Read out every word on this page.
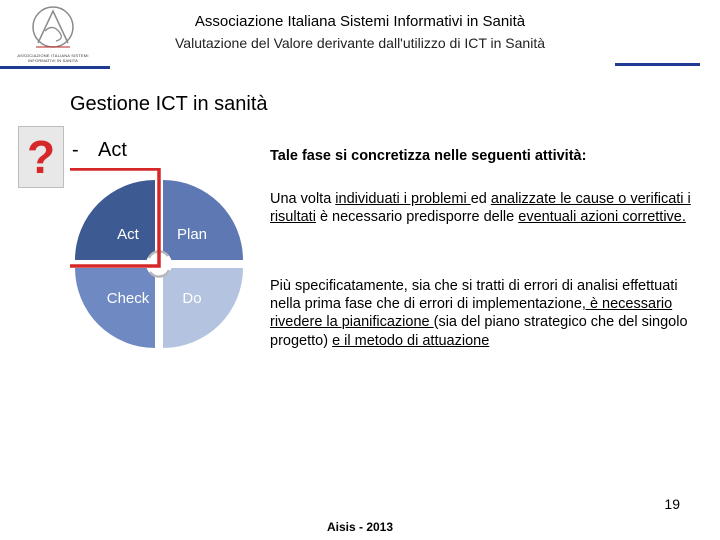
ASSOCIAZIONE ITALIANA SISTEMI INFORMATIVI IN SANITA
Associazione Italiana Sistemi Informativi in Sanità
Valutazione del Valore derivante dall'utilizzo di ICT in Sanità
Gestione ICT in sanità
? - Act
Act	Plan
Check Do
Tale fase si concretizza nelle seguenti attività:
Una volta individuati i problemi ed analizzate le cause o verificati i risultati è necessario predisporre delle eventuali azioni correttive.
Più specificatamente, sia che si tratti di errori di analisi effettuati nella prima fase che di errori di implementazione, è necessario rivedere la pianificazione (sia del piano strategico che del singolo progetto) e il metodo di attuazione
19
Aisis - 2013
